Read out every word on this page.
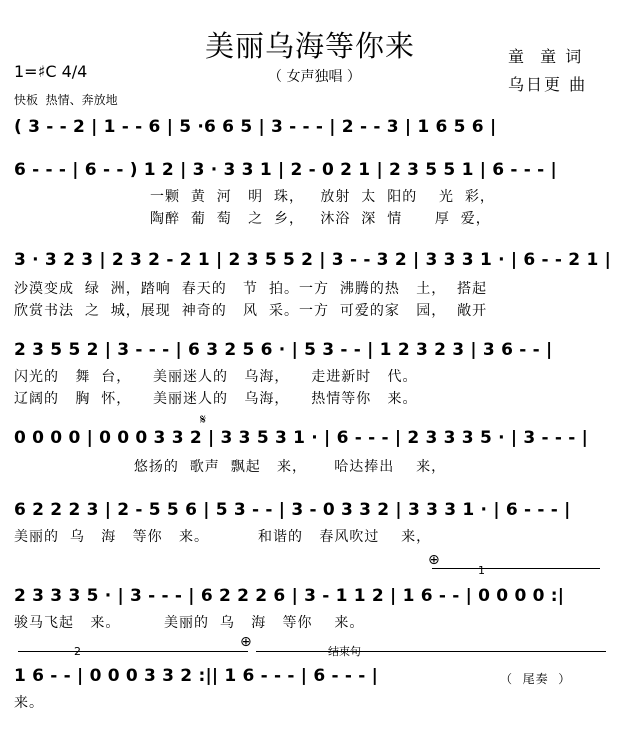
美丽乌海等你来
（ 女声独唱 ）
童  童 词
乌日更 曲
1=♯C 4/4
快板  热情、奔放地
( 3 - - 2 | 1 - - 6 | 5 ·6 6 5 | 3 - - - | 2 - - 3 | 1 6 5 6 |
6 - - - | 6 - - ) 1 2 | 3 · 3 3 1 | 2 - 0 2 1 | 2 3 5 5 1 | 6 - - - |
一颗  黄  河   明  珠，   放射  太  阳的    光  彩，
陶醉  葡  萄   之  乡，   沐浴  深  情      厚  爱，
3 · 3 2 3 | 2 3 2 - 2 1 | 2 3 5 5 2 | 3 - - 3 2 | 3 3 3 1 · | 6 - - 2 1 |
沙漠变成  绿  洲，踏响  春天的   节  拍。一方  沸腾的热   土，  搭起
欣赏书法  之  城，展现  神奇的   风  采。一方  可爱的家   园，  敞开
2 3 5 5 2 | 3 - - - | 6 3 2 5 6 · | 5 3 - - | 1 2 3 2 3 | 3 6 - - |
闪光的   舞  台，    美丽迷人的   乌海，    走进新时   代。
辽阔的   胸  怀，    美丽迷人的   乌海，    热情等你   来。
𝄋
0 0 0 0 | 0 0 0 3 3 2 | 3 3 5 3 1 · | 6 - - - | 2 3 3 3 5 · | 3 - - - |
悠扬的  歌声  飘起   来，     哈达捧出    来，
6 2 2 2 3 | 2 - 5 5 6 | 5 3 - - | 3 - 0 3 3 2 | 3 3 3 1 · | 6 - - - |
美丽的  乌   海   等你   来。         和谐的   春风吹过    来，
⊕
1
2 3 3 3 5 · | 3 - - - | 6 2 2 2 6 | 3 - 1 1 2 | 1 6 - - | 0 0 0 0 :|
骏马飞起   来。        美丽的  乌   海   等你    来。
2
⊕
结束句
1 6 - - | 0 0 0 3 3 2 :|| 1 6 - - - | 6 - - - |	（  尾奏  ）
来。
